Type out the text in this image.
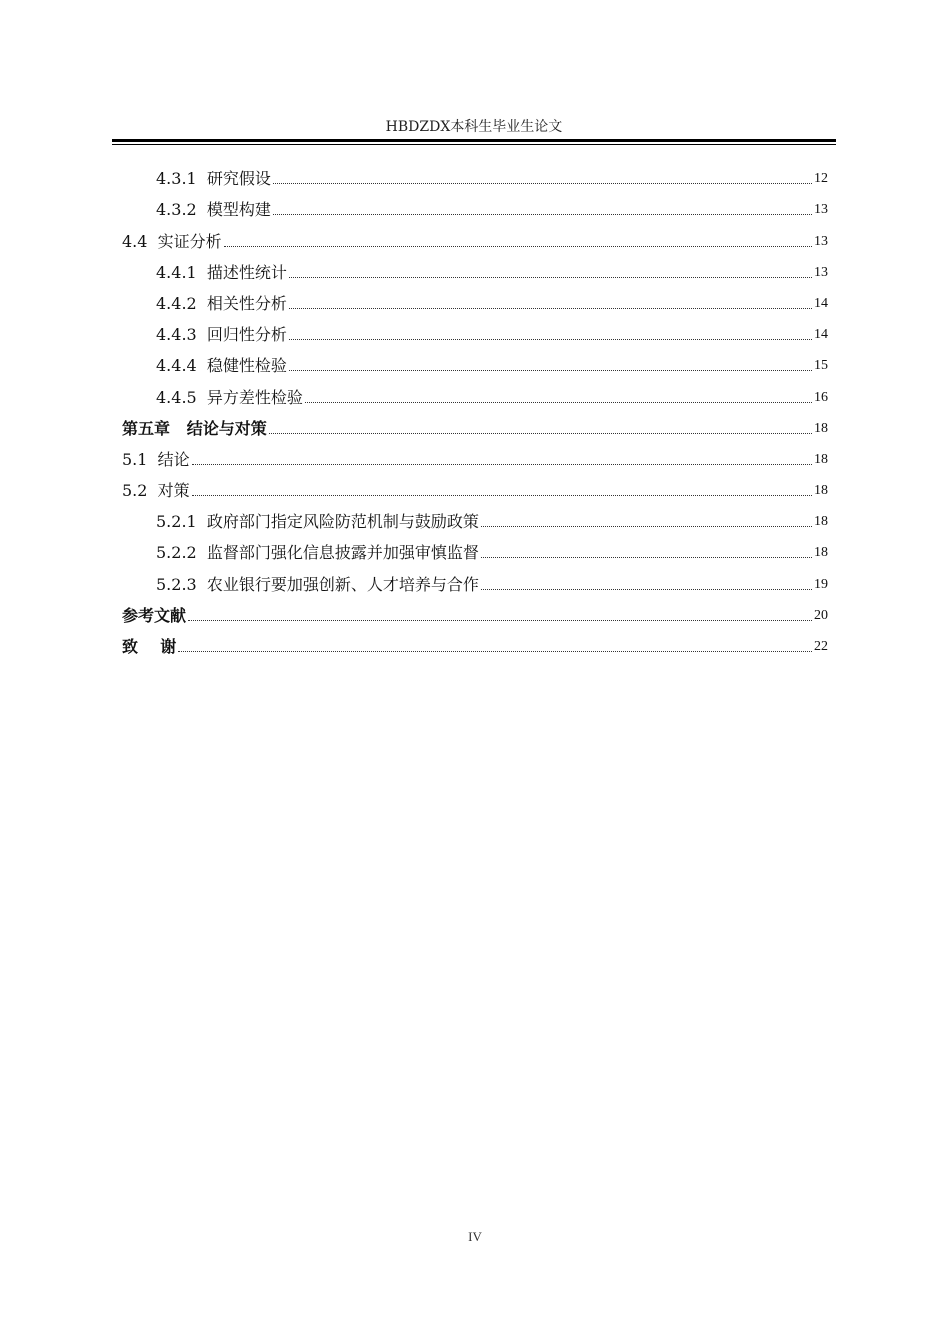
HBDZDX本科生毕业生论文
4.3.1  研究假设	12
4.3.2  模型构建	13
4.4  实证分析	13
4.4.1  描述性统计	13
4.4.2  相关性分析	14
4.4.3  回归性分析	14
4.4.4  稳健性检验	15
4.4.5  异方差性检验	16
第五章   结论与对策	18
5.1  结论	18
5.2  对策	18
5.2.1  政府部门指定风险防范机制与鼓励政策	18
5.2.2  监督部门强化信息披露并加强审慎监督	18
5.2.3  农业银行要加强创新、人才培养与合作	19
参考文献	20
致    谢	22
IV
